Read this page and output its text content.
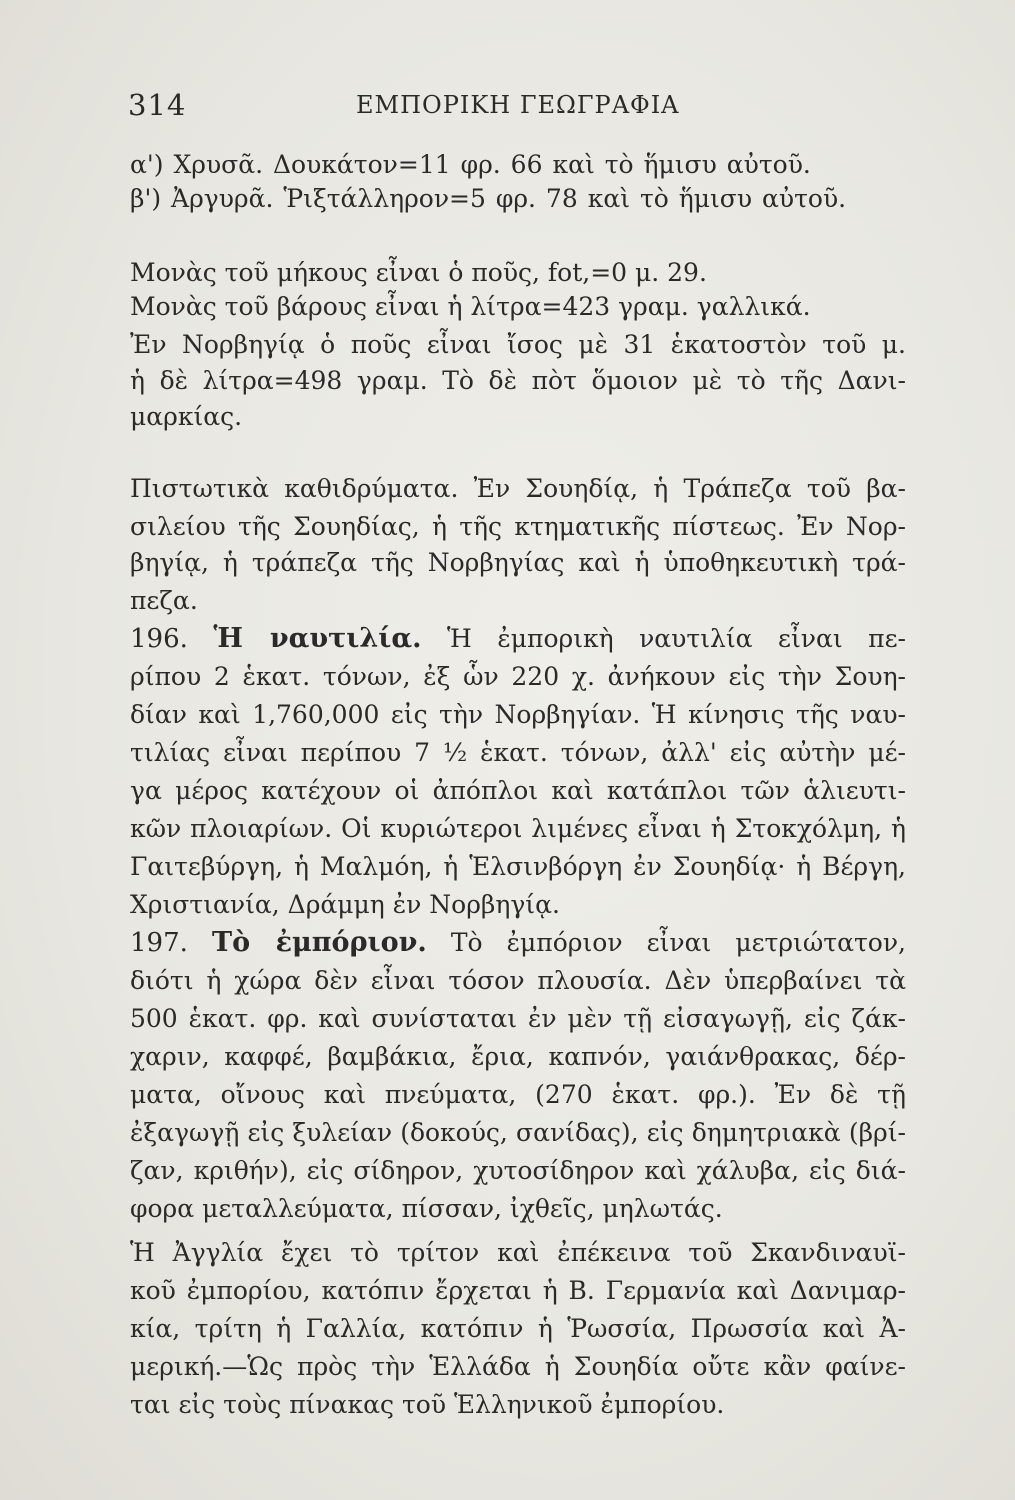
314	ΕΜΠΟΡΙΚΗ ΓΕΩΓΡΑΦΙΑ
α') Χρυσᾶ. Δουκάτον=11 φρ. 66 καὶ τὸ ἥμισυ αὐτοῦ.
β') Ἀργυρᾶ. Ῥιξτάλληρον=5 φρ. 78 καὶ τὸ ἥμισυ αὐτοῦ.
Μονὰς τοῦ μήκους εἶναι ὁ ποῦς, fot,=0 μ. 29.
Μονὰς τοῦ βάρους εἶναι ἡ λίτρα=423 γραμ. γαλλικά.
Ἐν Νορβηγίᾳ ὁ ποῦς εἶναι ἴσος μὲ 31 ἑκατοστὸν τοῦ μ.
ἡ δὲ λίτρα=498 γραμ. Τὸ δὲ πὸτ ὅμοιον μὲ τὸ τῆς Δανι-
μαρκίας.
Πιστωτικὰ καθιδρύματα. Ἐν Σουηδίᾳ, ἡ Τράπεζα τοῦ βα-
σιλείου τῆς Σουηδίας, ἡ τῆς κτηματικῆς πίστεως. Ἐν Νορ-
βηγίᾳ, ἡ τράπεζα τῆς Νορβηγίας καὶ ἡ ὑποθηκευτικὴ τρά-
πεζα.
196. Ἡ ναυτιλία. Ἡ ἐμπορικὴ ναυτιλία εἶναι πε-
ρίπου 2 ἑκατ. τόνων, ἐξ ὧν 220 χ. ἀνήκουν εἰς τὴν Σουη-
δίαν καὶ 1,760,000 εἰς τὴν Νορβηγίαν. Ἡ κίνησις τῆς ναυ-
τιλίας εἶναι περίπου 7 ½ ἑκατ. τόνων, ἀλλ' εἰς αὐτὴν μέ-
γα μέρος κατέχουν οἱ ἀπόπλοι καὶ κατάπλοι τῶν ἁλιευτι-
κῶν πλοιαρίων. Οἱ κυριώτεροι λιμένες εἶναι ἡ Στοκχόλμη, ἡ
Γαιτεβύργη, ἡ Μαλμόη, ἡ Ἑλσινβόργη ἐν Σουηδίᾳ· ἡ Βέργη,
Χριστιανία, Δράμμη ἐν Νορβηγίᾳ.
197. Τὸ ἐμπόριον. Τὸ ἐμπόριον εἶναι μετριώτατον,
διότι ἡ χώρα δὲν εἶναι τόσον πλουσία. Δὲν ὑπερβαίνει τὰ
500 ἑκατ. φρ. καὶ συνίσταται ἐν μὲν τῇ εἰσαγωγῇ, εἰς ζάκ-
χαριν, καφφέ, βαμβάκια, ἔρια, καπνόν, γαιάνθρακας, δέρ-
ματα, οἴνους καὶ πνεύματα, (270 ἑκατ. φρ.). Ἐν δὲ τῇ
ἐξαγωγῇ εἰς ξυλείαν (δοκούς, σανίδας), εἰς δημητριακὰ (βρί-
ζαν, κριθήν), εἰς σίδηρον, χυτοσίδηρον καὶ χάλυβα, εἰς διά-
φορα μεταλλεύματα, πίσσαν, ἰχθεῖς, μηλωτάς.
Ἡ Ἀγγλία ἔχει τὸ τρίτον καὶ ἐπέκεινα τοῦ Σκανδιναυϊ-
κοῦ ἐμπορίου, κατόπιν ἔρχεται ἡ Β. Γερμανία καὶ Δανιμαρ-
κία, τρίτη ἡ Γαλλία, κατόπιν ἡ Ῥωσσία, Πρωσσία καὶ Ἀ-
μερική.—Ὡς πρὸς τὴν Ἑλλάδα ἡ Σουηδία οὔτε κἂν φαίνε-
ται εἰς τοὺς πίνακας τοῦ Ἑλληνικοῦ ἐμπορίου.
